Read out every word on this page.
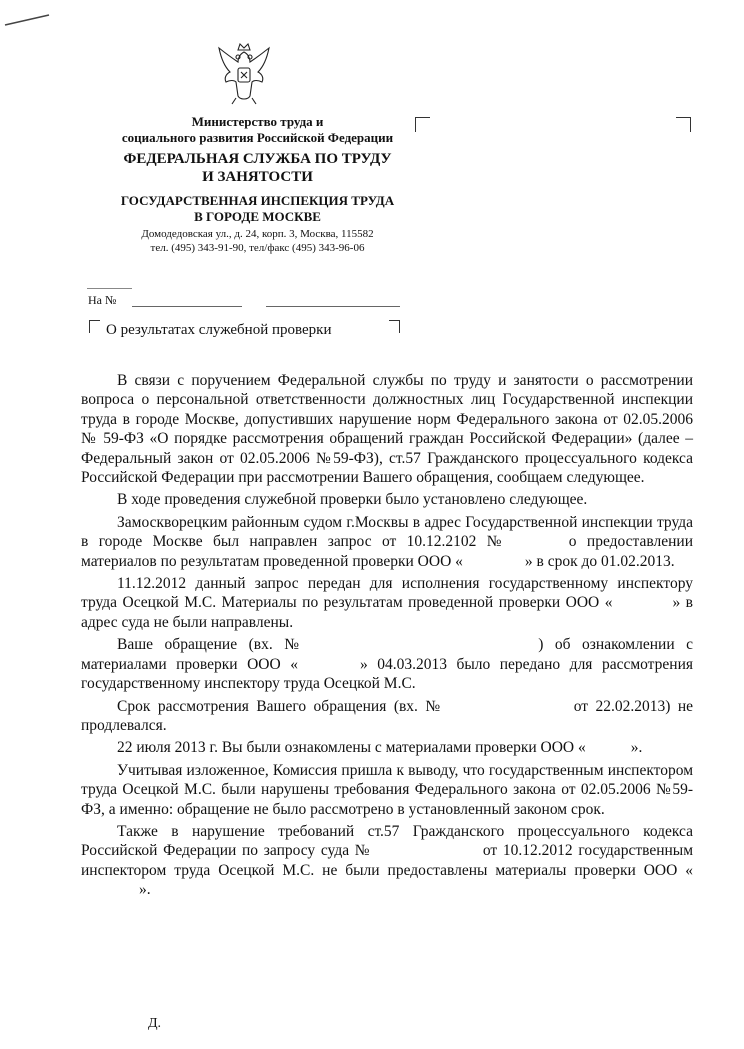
Министерство труда и
социального развития Российской Федерации
ФЕДЕРАЛЬНАЯ СЛУЖБА ПО ТРУДУ
И ЗАНЯТОСТИ
ГОСУДАРСТВЕННАЯ ИНСПЕКЦИЯ ТРУДА
В ГОРОДЕ МОСКВЕ
Домодедовская ул., д. 24, корп. 3, Москва, 115582
тел. (495) 343-91-90, тел/факс (495) 343-96-06
На №
О результатах служебной проверки

В связи с поручением Федеральной службы по труду и занятости о рассмотрении вопроса о персональной ответственности должностных лиц Государственной инспекции труда в городе Москве, допустивших нарушение норм Федерального закона от 02.05.2006 № 59-ФЗ «О порядке рассмотрения обращений граждан Российской Федерации» (далее – Федеральный закон от 02.05.2006 №59-ФЗ), ст.57 Гражданского процессуального кодекса Российской Федерации при рассмотрении Вашего обращения, сообщаем следующее.

В ходе проведения служебной проверки было установлено следующее.

Замоскворецким районным судом г.Москвы в адрес Государственной инспекции труда в городе Москве был направлен запрос от 10.12.2102 №	о предоставлении материалов по результатам проведенной проверки ООО «	» в срок до 01.02.2013.

11.12.2012 данный запрос передан для исполнения государственному инспектору труда Осецкой М.С. Материалы по результатам проведенной проверки ООО «	» в адрес суда не были направлены.

Ваше обращение (вх. №	) об ознакомлении с материалами проверки ООО «	» 04.03.2013 было передано для рассмотрения государственному инспектору труда Осецкой М.С.

Срок рассмотрения Вашего обращения (вх. №	от 22.02.2013) не продлевался.

22 июля 2013 г. Вы были ознакомлены с материалами проверки ООО «	».

Учитывая изложенное, Комиссия пришла к выводу, что государственным инспектором труда Осецкой М.С. были нарушены требования Федерального закона от 02.05.2006 №59-ФЗ, а именно: обращение не было рассмотрено в установленный законом срок.

Также в нарушение требований ст.57 Гражданского процессуального кодекса Российской Федерации по запросу суда №	от 10.12.2012 государственным инспектором труда Осецкой М.С. не были предоставлены материалы проверки ООО «».

Д.
